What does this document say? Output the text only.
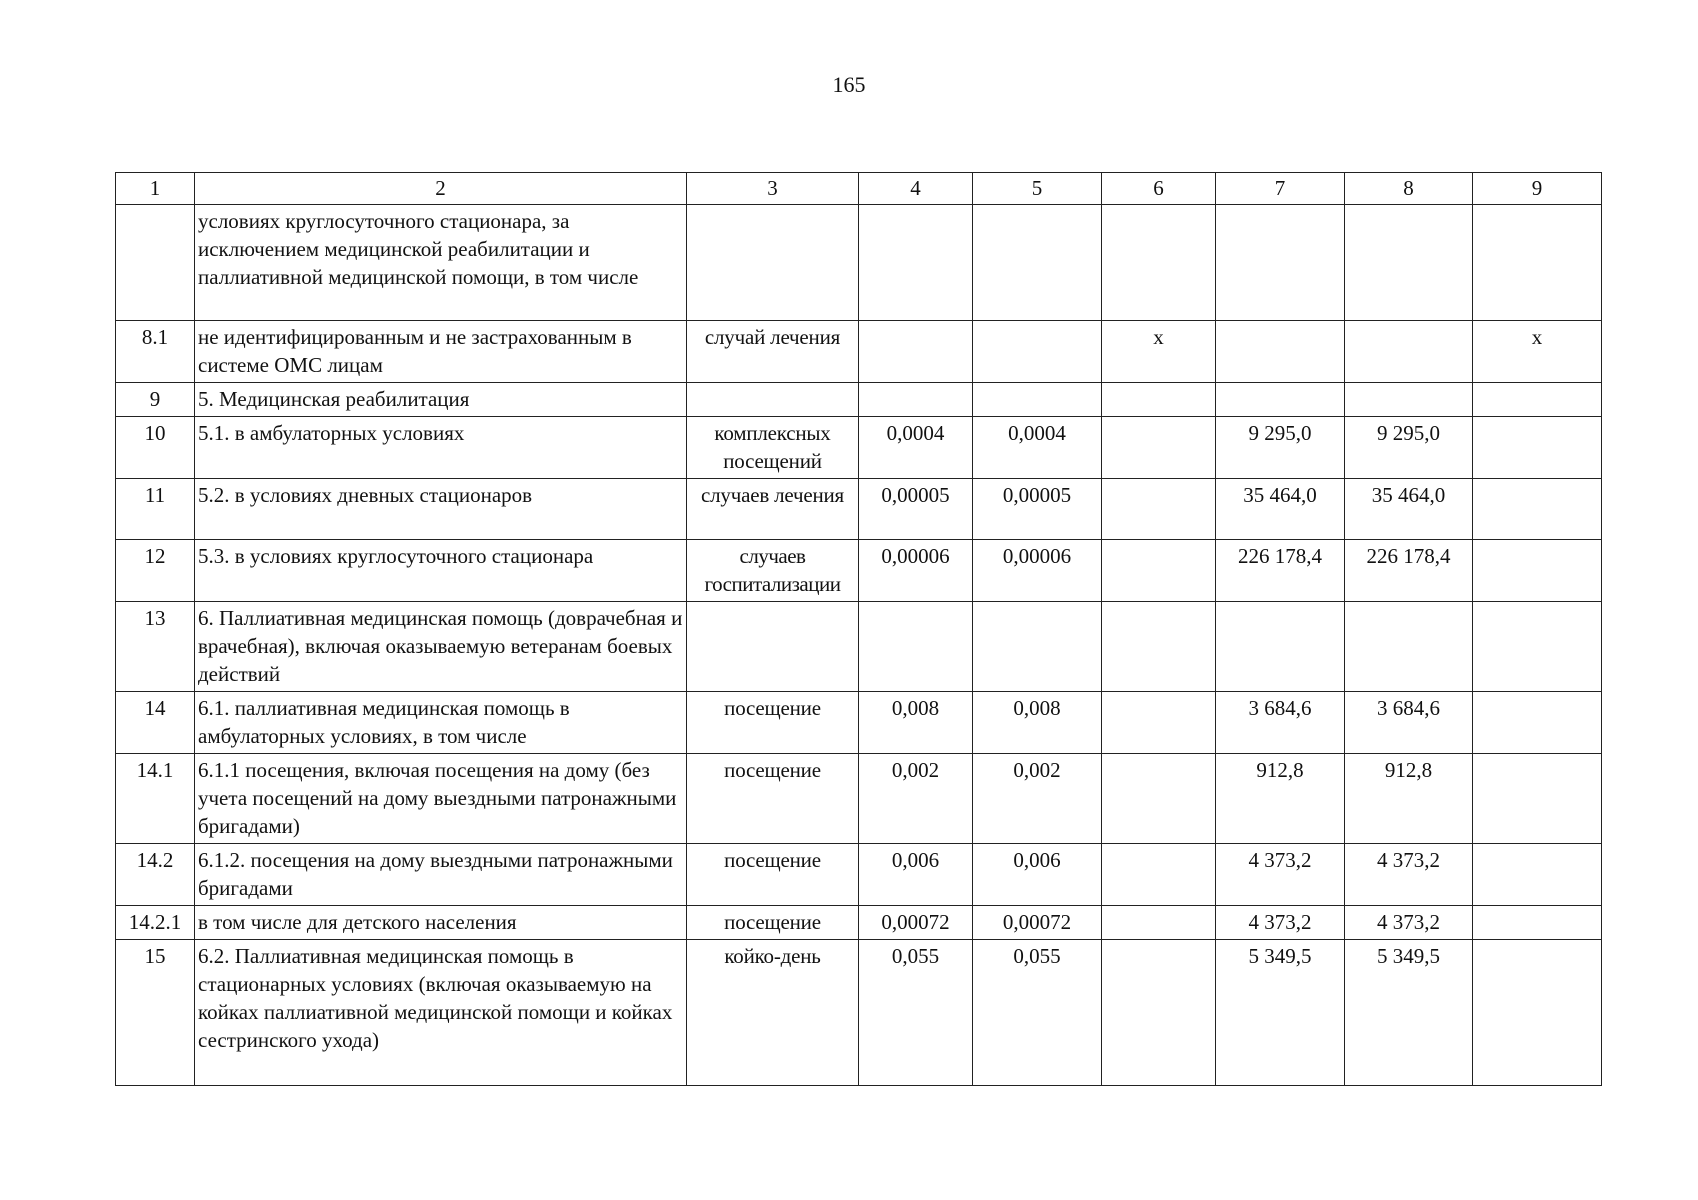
165
1	2	3	4	5	6	7	8	9
	условиях круглосуточного стационара, за исключением медицинской реабилитации и паллиативной медицинской помощи, в том числе							
8.1	не идентифицированным и не застрахованным в системе ОМС лицам	случай лечения			х			х
9	5. Медицинская реабилитация							
10	5.1. в амбулаторных условиях	комплексных посещений	0,0004	0,0004		9 295,0	9 295,0	
11	5.2. в условиях дневных стационаров	случаев лечения	0,00005	0,00005		35 464,0	35 464,0	
12	5.3. в условиях круглосуточного стационара	случаев госпитализации	0,00006	0,00006		226 178,4	226 178,4	
13	6. Паллиативная медицинская помощь (доврачебная и врачебная), включая оказываемую ветеранам боевых действий							
14	6.1. паллиативная медицинская помощь в амбулаторных условиях, в том числе	посещение	0,008	0,008		3 684,6	3 684,6	
14.1	6.1.1 посещения, включая посещения на дому (без учета посещений на дому выездными патронажными бригадами)	посещение	0,002	0,002		912,8	912,8	
14.2	6.1.2. посещения на дому выездными патронажными бригадами	посещение	0,006	0,006		4 373,2	4 373,2	
14.2.1	в том числе для детского населения	посещение	0,00072	0,00072		4 373,2	4 373,2	
15	6.2. Паллиативная медицинская помощь в стационарных условиях (включая оказываемую на койках паллиативной медицинской помощи и койках сестринского ухода)	койко-день	0,055	0,055		5 349,5	5 349,5	
